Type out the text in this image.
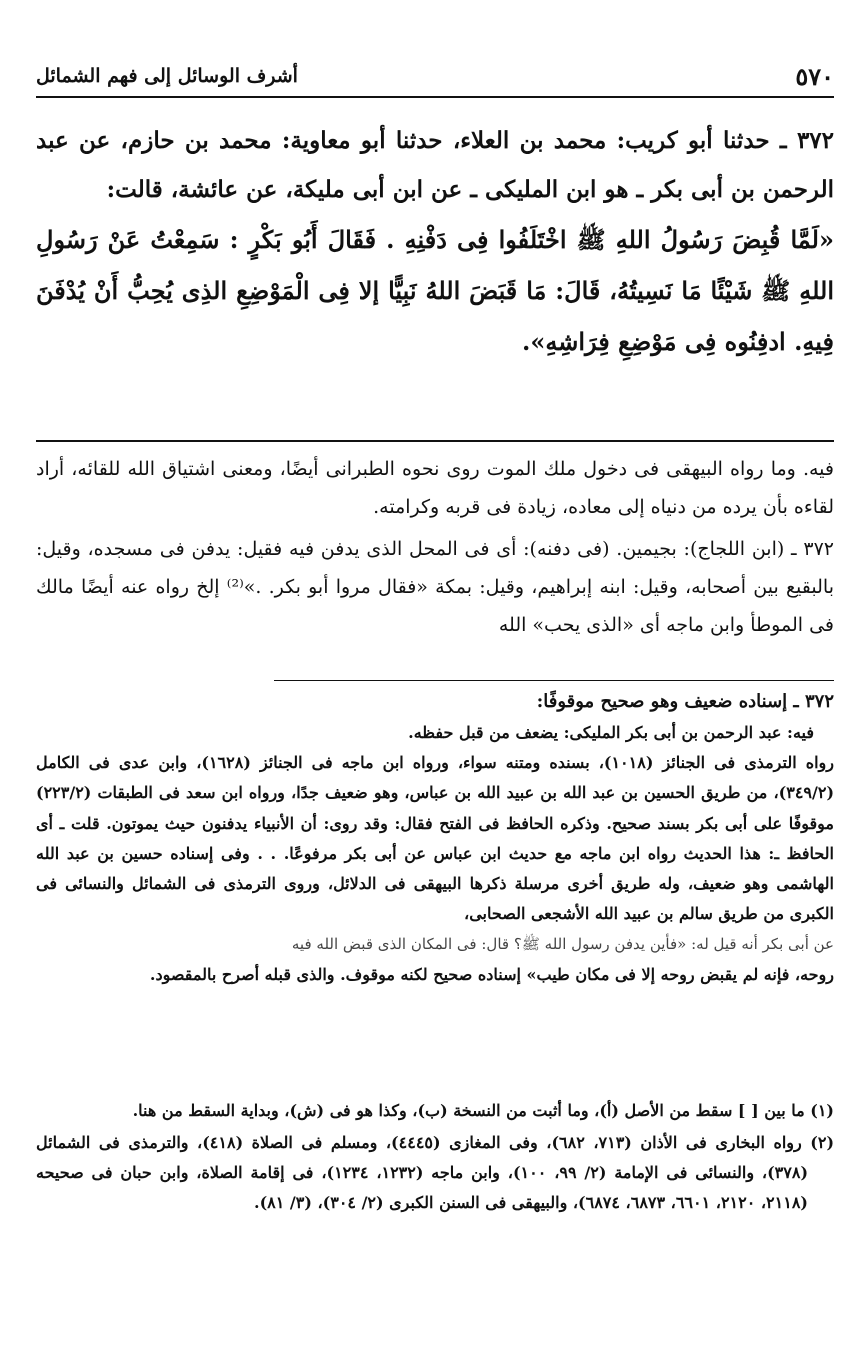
٥٧٠
أشرف الوسائل إلى فهم الشمائل

٣٧٢ ـ حدثنا أبو كريب: محمد بن العلاء، حدثنا أبو معاوية: محمد بن حازم، عن عبد الرحمن بن أبى بكر ـ هو ابن المليكى ـ عن ابن أبى مليكة، عن عائشة، قالت:

«لَمَّا قُبِضَ رَسُولُ اللهِ ﷺ اخْتَلَفُوا فِى دَفْنِهِ . فَقَالَ أَبُو بَكْرٍ : سَمِعْتُ عَنْ رَسُولِ اللهِ ﷺ شَيْئًا مَا نَسِيتُهُ، قَالَ: مَا قَبَضَ اللهُ نَبِيًّا إلا فِى الْمَوْضِعِ الذِى يُحِبُّ أَنْ يُدْفَنَ فِيهِ. ادفِنُوه فِى مَوْضِعِ فِرَاشِهِ».

فيه. وما رواه البيهقى فى دخول ملك الموت روى نحوه الطبرانى أيضًا، ومعنى اشتياق الله للقائه، أراد لقاءه بأن يرده من دنياه إلى معاده، زيادة فى قربه وكرامته.

٣٧٢ ـ (ابن اللجاج): بجيمين. (فى دفنه): أى فى المحل الذى يدفن فيه فقيل: يدفن فى مسجده، وقيل: بالبقيع بين أصحابه، وقيل: ابنه إبراهيم، وقيل: بمكة «فقال مروا أبو بكر. .»⁽²⁾ إلخ رواه عنه أيضًا مالك فى الموطأ وابن ماجه أى «الذى يحب» الله

٣٧٢ ـ إسناده ضعيف وهو صحيح موقوفًا:

فيه: عبد الرحمن بن أبى بكر المليكى: يضعف من قبل حفظه.

رواه الترمذى فى الجنائز (١٠١٨)، بسنده ومتنه سواء، ورواه ابن ماجه فى الجنائز (١٦٢٨)، وابن عدى فى الكامل (٣٤٩/٢)، من طريق الحسين بن عبد الله بن عبيد الله بن عباس، وهو ضعيف جدًا، ورواه ابن سعد فى الطبقات (٢٢٣/٢) موقوفًا على أبى بكر بسند صحيح. وذكره الحافظ فى الفتح فقال: وقد روى: أن الأنبياء يدفنون حيث يموتون. قلت ـ أى الحافظ ـ: هذا الحديث رواه ابن ماجه مع حديث ابن عباس عن أبى بكر مرفوعًا. . . وفى إسناده حسين بن عبد الله الهاشمى وهو ضعيف، وله طريق أخرى مرسلة ذكرها البيهقى فى الدلائل، وروى الترمذى فى الشمائل والنسائى فى الكبرى من طريق سالم بن عبيد الله الأشجعى الصحابى،

عن أبى بكر أنه قيل له: «فأين يدفن رسول الله ﷺ؟ قال: فى المكان الذى قبض الله فيه

روحه، فإنه لم يقبض روحه إلا فى مكان طيب» إسناده صحيح لكنه موقوف. والذى قبله أصرح بالمقصود.

(١) ما بين [ ] سقط من الأصل (أ)، وما أثبت من النسخة (ب)، وكذا هو فى (ش)، وبداية السقط من هنا.

(٢) رواه البخارى فى الأذان (٧١٣، ٦٨٢)، وفى المغازى (٤٤٤٥)، ومسلم فى الصلاة (٤١٨)، والترمذى فى الشمائل (٣٧٨)، والنسائى فى الإمامة (٢/ ٩٩، ١٠٠)، وابن ماجه (١٢٣٢، ١٢٣٤)، فى إقامة الصلاة، وابن حبان فى صحيحه (٢١١٨، ٢١٢٠، ٦٦٠١، ٦٨٧٣، ٦٨٧٤)، والبيهقى فى السنن الكبرى (٢/ ٣٠٤)، (٣/ ٨١).
